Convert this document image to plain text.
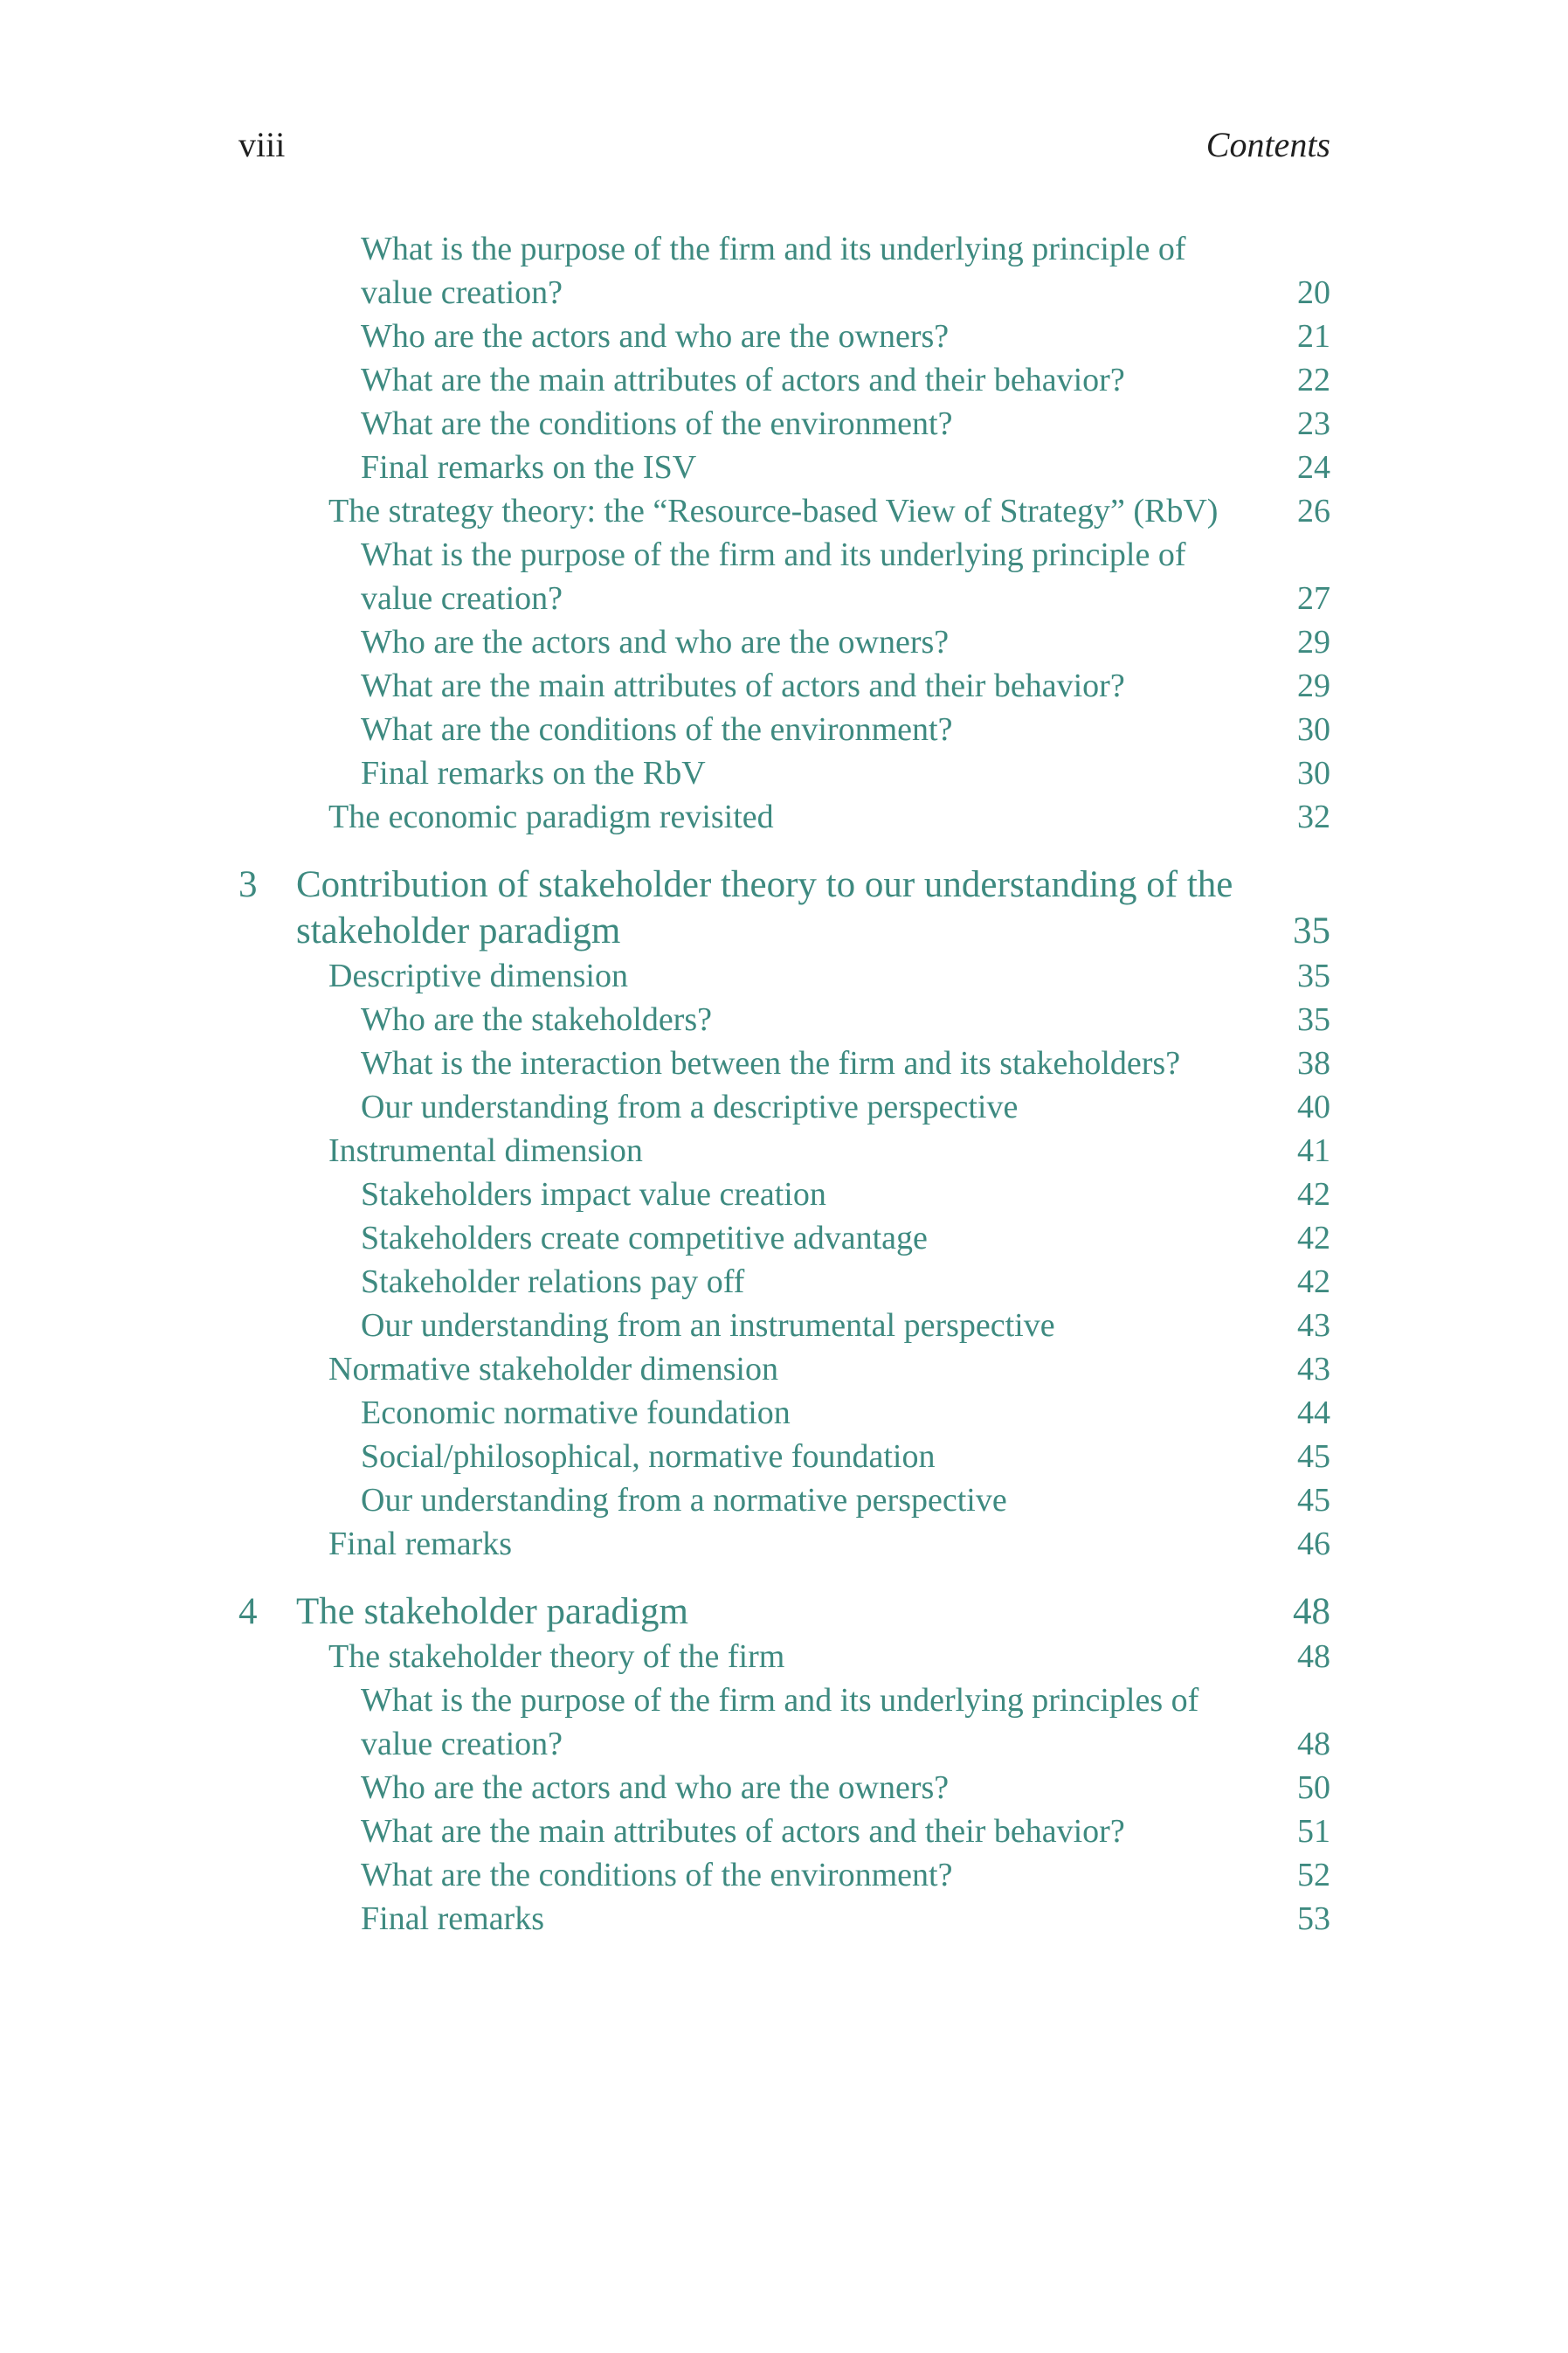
viii	Contents
What is the purpose of the firm and its underlying principle of value creation?	20
Who are the actors and who are the owners?	21
What are the main attributes of actors and their behavior?	22
What are the conditions of the environment?	23
Final remarks on the ISV	24
The strategy theory: the “Resource-based View of Strategy” (RbV)	26
What is the purpose of the firm and its underlying principle of value creation?	27
Who are the actors and who are the owners?	29
What are the main attributes of actors and their behavior?	29
What are the conditions of the environment?	30
Final remarks on the RbV	30
The economic paradigm revisited	32
3	Contribution of stakeholder theory to our understanding of the stakeholder paradigm	35
Descriptive dimension	35
Who are the stakeholders?	35
What is the interaction between the firm and its stakeholders?	38
Our understanding from a descriptive perspective	40
Instrumental dimension	41
Stakeholders impact value creation	42
Stakeholders create competitive advantage	42
Stakeholder relations pay off	42
Our understanding from an instrumental perspective	43
Normative stakeholder dimension	43
Economic normative foundation	44
Social/philosophical, normative foundation	45
Our understanding from a normative perspective	45
Final remarks	46
4	The stakeholder paradigm	48
The stakeholder theory of the firm	48
What is the purpose of the firm and its underlying principles of value creation?	48
Who are the actors and who are the owners?	50
What are the main attributes of actors and their behavior?	51
What are the conditions of the environment?	52
Final remarks	53
